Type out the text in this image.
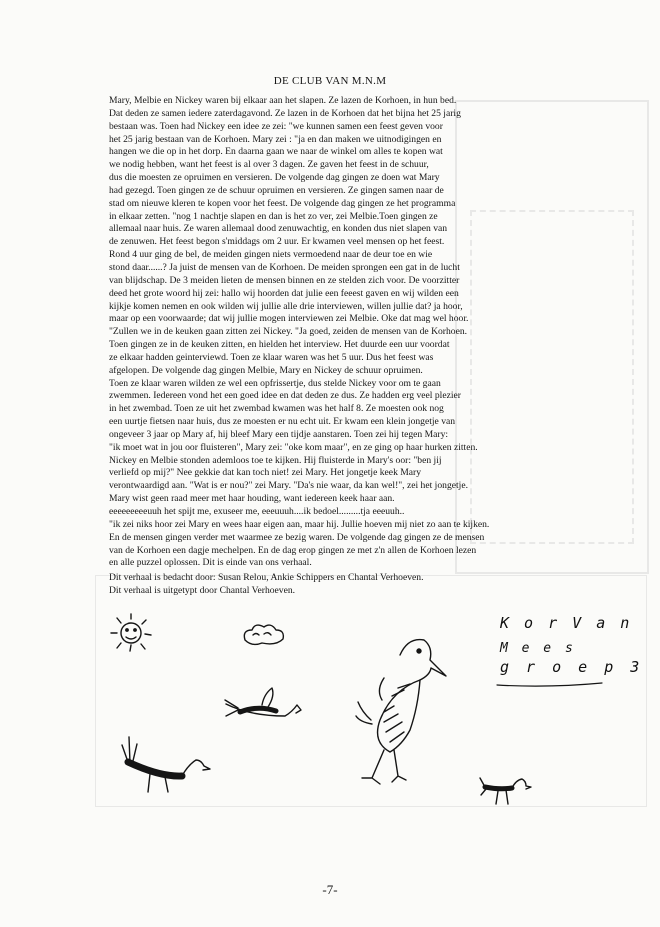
DE CLUB VAN M.N.M
Mary, Melbie en Nickey waren bij elkaar aan het slapen. Ze lazen de Korhoen, in hun bed.
Dat deden ze samen iedere zaterdagavond. Ze lazen in de Korhoen dat het bijna het 25 jarig
bestaan was. Toen had Nickey een idee ze zei: "we kunnen samen een feest geven voor
het 25 jarig bestaan van de Korhoen. Mary zei : "ja en dan maken we uitnodigingen en
hangen we die op in het dorp. En daarna gaan we naar de winkel om alles te kopen wat
we nodig hebben, want het feest is al over 3 dagen. Ze gaven het feest in de schuur,
dus die moesten ze opruimen en versieren. De volgende dag gingen ze doen wat Mary
had gezegd. Toen gingen ze de schuur opruimen en versieren. Ze gingen samen naar de
stad om nieuwe kleren te kopen voor het feest. De volgende dag gingen ze het programma
in elkaar zetten. "nog 1 nachtje slapen en dan is het zo ver, zei Melbie.Toen gingen ze
allemaal naar huis. Ze waren allemaal dood zenuwachtig, en konden dus niet slapen van
de zenuwen. Het feest begon s'middags om 2 uur. Er kwamen veel mensen op het feest.
Rond 4 uur ging de bel, de meiden gingen niets vermoedend naar de deur toe en wie
stond daar......? Ja juist de mensen van de Korhoen. De meiden sprongen een gat in de lucht
van blijdschap. De 3 meiden lieten de mensen binnen en ze stelden zich voor. De voorzitter
deed het grote woord hij zei: hallo wij hoorden dat julie een feeest gaven en wij wilden een
kijkje komen nemen en ook wilden wij jullie alle drie interviewen, willen jullie dat? ja hoor,
maar op een voorwaarde; dat wij jullie mogen interviewen zei Melbie. Oke dat mag wel hoor.
"Zullen we in de keuken gaan zitten zei Nickey. "Ja goed, zeiden de mensen van de Korhoen.
Toen gingen ze in de keuken zitten, en hielden het interview. Het duurde een uur voordat
ze elkaar hadden geinterviewd. Toen ze klaar waren was het 5 uur. Dus het feest was
afgelopen. De volgende dag gingen Melbie, Mary en Nickey de schuur opruimen.
Toen ze klaar waren wilden ze wel een opfrissertje, dus stelde Nickey voor om te gaan
zwemmen. Iedereen vond het een goed idee en dat deden ze dus. Ze hadden erg veel plezier
in het zwembad. Toen ze uit het zwembad kwamen was het half 8. Ze moesten ook nog
een uurtje fietsen naar huis, dus ze moesten er nu echt uit. Er kwam een klein jongetje van
ongeveer 3 jaar op Mary af, hij bleef Mary een tijdje aanstaren. Toen zei hij tegen Mary:
"ik moet wat in jou oor fluisteren", Mary zei: "oke kom maar", en ze ging op haar hurken zitten.
Nickey en Melbie stonden ademloos toe te kijken. Hij fluisterde in Mary's oor: "ben jij
verliefd op mij?" Nee gekkie dat kan toch niet! zei Mary. Het jongetje keek Mary
verontwaardigd aan. "Wat is er nou?" zei Mary. "Da's nie waar, da kan wel!", zei het jongetje.
Mary wist geen raad meer met haar houding, want iedereen keek haar aan.
eeeeeeeeeuuh het spijt me, exuseer me, eeeuuuh....ik bedoel.........tja eeeuuh..
"ik zei niks hoor zei Mary en wees haar eigen aan, maar hij. Jullie hoeven mij niet zo aan te kijken.
En de mensen gingen verder met waarmee ze bezig waren. De volgende dag gingen ze de mensen
van de Korhoen een dagje mechelpen. En de dag erop gingen ze met z'n allen de Korhoen lezen
en alle puzzel oplossen. Dit is einde van ons verhaal.
Dit verhaal is bedacht door: Susan Relou, Ankie Schippers en Chantal Verhoeven.
Dit verhaal is uitgetypt door Chantal Verhoeven.
K o r V a n
M e e s
g r o e p 3
-7-
